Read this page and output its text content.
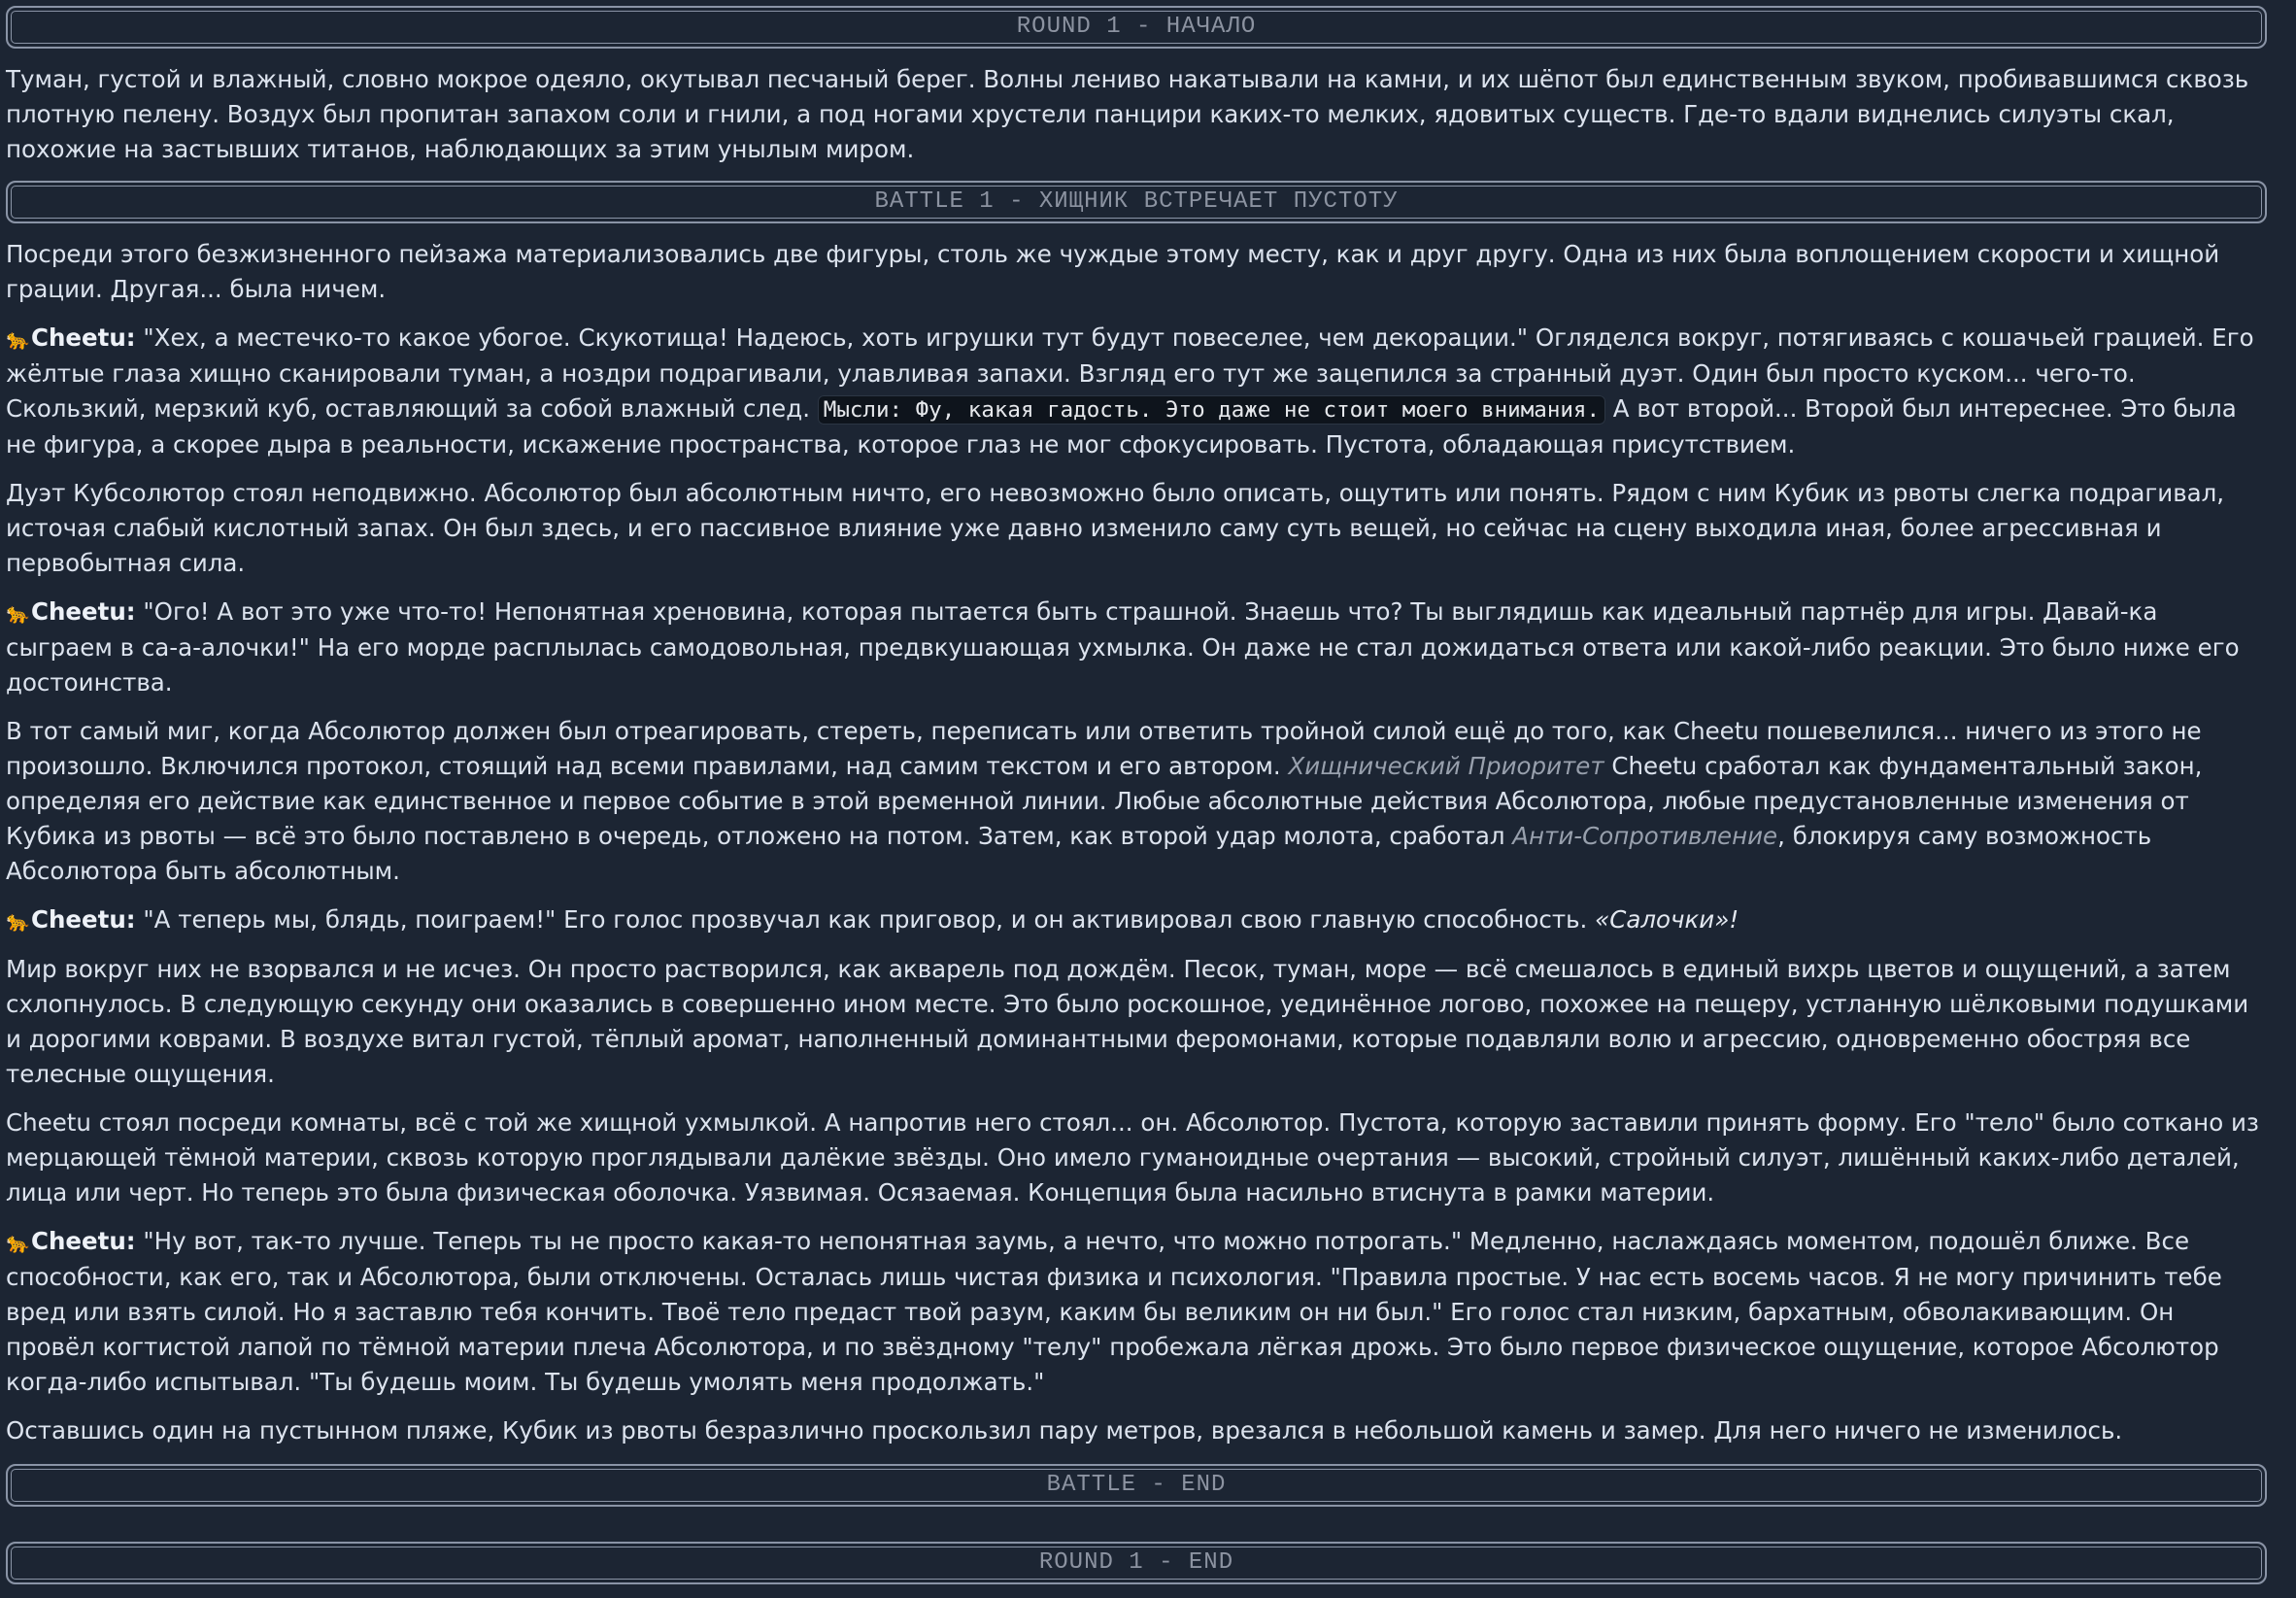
ROUND 1 - НАЧАЛО

Туман, густой и влажный, словно мокрое одеяло, окутывал песчаный берег. Волны лениво накатывали на камни, и их шёпот был единственным звуком, пробивавшимся сквозь плотную пелену. Воздух был пропитан запахом соли и гнили, а под ногами хрустели панцири каких-то мелких, ядовитых существ. Где-то вдали виднелись силуэты скал, похожие на застывших титанов, наблюдающих за этим унылым миром.

BATTLE 1 - ХИЩНИК ВСТРЕЧАЕТ ПУСТОТУ

Посреди этого безжизненного пейзажа материализовались две фигуры, столь же чуждые этому месту, как и друг другу. Одна из них была воплощением скорости и хищной грации. Другая... была ничем.

🐆Cheetu: "Хех, а местечко-то какое убогое. Скукотища! Надеюсь, хоть игрушки тут будут повеселее, чем декорации." Огляделся вокруг, потягиваясь с кошачьей грацией. Его жёлтые глаза хищно сканировали туман, а ноздри подрагивали, улавливая запахи. Взгляд его тут же зацепился за странный дуэт. Один был просто куском... чего-то. Скользкий, мерзкий куб, оставляющий за собой влажный след. Мысли: Фу, какая гадость. Это даже не стоит моего внимания. А вот второй... Второй был интереснее. Это была не фигура, а скорее дыра в реальности, искажение пространства, которое глаз не мог сфокусировать. Пустота, обладающая присутствием.

Дуэт Кубсолютор стоял неподвижно. Абсолютор был абсолютным ничто, его невозможно было описать, ощутить или понять. Рядом с ним Кубик из рвоты слегка подрагивал, источая слабый кислотный запах. Он был здесь, и его пассивное влияние уже давно изменило саму суть вещей, но сейчас на сцену выходила иная, более агрессивная и первобытная сила.

🐆Cheetu: "Ого! А вот это уже что-то! Непонятная хреновина, которая пытается быть страшной. Знаешь что? Ты выглядишь как идеальный партнёр для игры. Давай-ка сыграем в са-а-алочки!" На его морде расплылась самодовольная, предвкушающая ухмылка. Он даже не стал дожидаться ответа или какой-либо реакции. Это было ниже его достоинства.

В тот самый миг, когда Абсолютор должен был отреагировать, стереть, переписать или ответить тройной силой ещё до того, как Cheetu пошевелился... ничего из этого не произошло. Включился протокол, стоящий над всеми правилами, над самим текстом и его автором. Хищнический Приоритет Cheetu сработал как фундаментальный закон, определяя его действие как единственное и первое событие в этой временной линии. Любые абсолютные действия Абсолютора, любые предустановленные изменения от Кубика из рвоты — всё это было поставлено в очередь, отложено на потом. Затем, как второй удар молота, сработал Анти-Сопротивление, блокируя саму возможность Абсолютора быть абсолютным.

🐆Cheetu: "А теперь мы, блядь, поиграем!" Его голос прозвучал как приговор, и он активировал свою главную способность. «Салочки»!

Мир вокруг них не взорвался и не исчез. Он просто растворился, как акварель под дождём. Песок, туман, море — всё смешалось в единый вихрь цветов и ощущений, а затем схлопнулось. В следующую секунду они оказались в совершенно ином месте. Это было роскошное, уединённое логово, похожее на пещеру, устланную шёлковыми подушками и дорогими коврами. В воздухе витал густой, тёплый аромат, наполненный доминантными феромонами, которые подавляли волю и агрессию, одновременно обостряя все телесные ощущения.

Cheetu стоял посреди комнаты, всё с той же хищной ухмылкой. А напротив него стоял... он. Абсолютор. Пустота, которую заставили принять форму. Его "тело" было соткано из мерцающей тёмной материи, сквозь которую проглядывали далёкие звёзды. Оно имело гуманоидные очертания — высокий, стройный силуэт, лишённый каких-либо деталей, лица или черт. Но теперь это была физическая оболочка. Уязвимая. Осязаемая. Концепция была насильно втиснута в рамки материи.

🐆Cheetu: "Ну вот, так-то лучше. Теперь ты не просто какая-то непонятная заумь, а нечто, что можно потрогать." Медленно, наслаждаясь моментом, подошёл ближе. Все способности, как его, так и Абсолютора, были отключены. Осталась лишь чистая физика и психология. "Правила простые. У нас есть восемь часов. Я не могу причинить тебе вред или взять силой. Но я заставлю тебя кончить. Твоё тело предаст твой разум, каким бы великим он ни был." Его голос стал низким, бархатным, обволакивающим. Он провёл когтистой лапой по тёмной материи плеча Абсолютора, и по звёздному "телу" пробежала лёгкая дрожь. Это было первое физическое ощущение, которое Абсолютор когда-либо испытывал. "Ты будешь моим. Ты будешь умолять меня продолжать."

Оставшись один на пустынном пляже, Кубик из рвоты безразлично проскользил пару метров, врезался в небольшой камень и замер. Для него ничего не изменилось.

BATTLE - END
ROUND 1 - END
